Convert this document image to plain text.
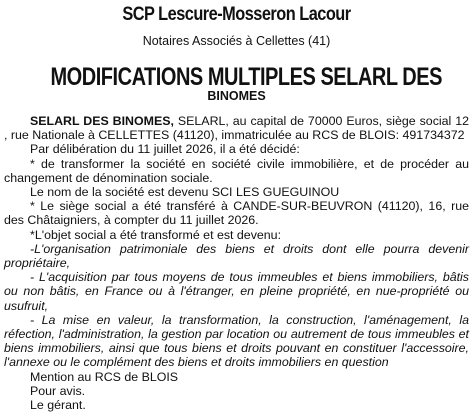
SCP Lescure-Mosseron Lacour
Notaires Associés à Cellettes (41)
MODIFICATIONS MULTIPLES SELARL DES
BINOMES

SELARL DES BINOMES, SELARL, au capital de 70000 Euros, siège social 12 , rue Nationale à CELLETTES (41120), immatriculée au RCS de BLOIS: 491734372

Par délibération du 11 juillet 2026, il a été décidé:

* de transformer la société en société civile immobilière, et de procéder au changement de dénomination sociale.

Le nom de la société est devenu SCI LES GUEGUINOU

* Le siège social a été transféré à CANDE-SUR-BEUVRON (41120), 16, rue des Châtaigniers, à compter du 11 juillet 2026.

*L'objet social a été transformé et est devenu:

-L'organisation patrimoniale des biens et droits dont elle pourra devenir propriétaire,

- L'acquisition par tous moyens de tous immeubles et biens immobiliers, bâtis ou non bâtis, en France ou à l'étranger, en pleine propriété, en nue-propriété ou usufruit,

- La mise en valeur, la transformation, la construction, l'aménagement, la réfection, l'administration, la gestion par location ou autrement de tous immeubles et biens immobiliers, ainsi que tous biens et droits pouvant en constituer l'accessoire, l'annexe ou le complément des biens et droits immobiliers en question

Mention au RCS de BLOIS

Pour avis.

Le gérant.
